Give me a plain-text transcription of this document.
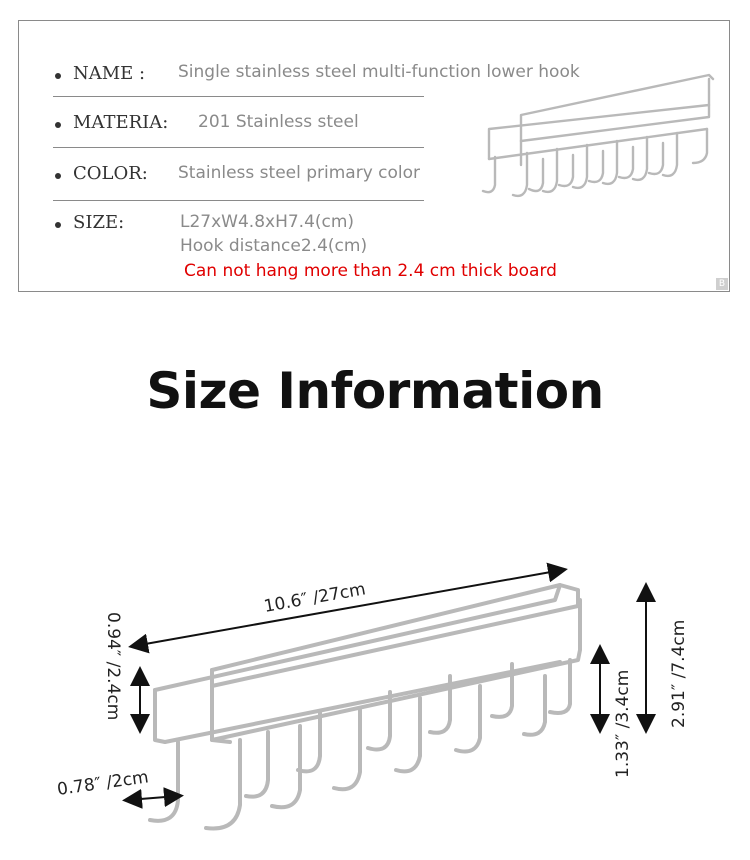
NAME : Single stainless steel multi-function lower hook
MATERIA: 201 Stainless steel
COLOR: Stainless steel primary color
SIZE:	L27xW4.8xH7.4(cm)
Hook distance2.4(cm)
Can not hang more than 2.4 cm thick board
B
Size Information
10.6″ /27cm
0.94″ /2.4cm
0.78″ /2cm
1.33″ /3.4cm 2.91″ /7.4cm
